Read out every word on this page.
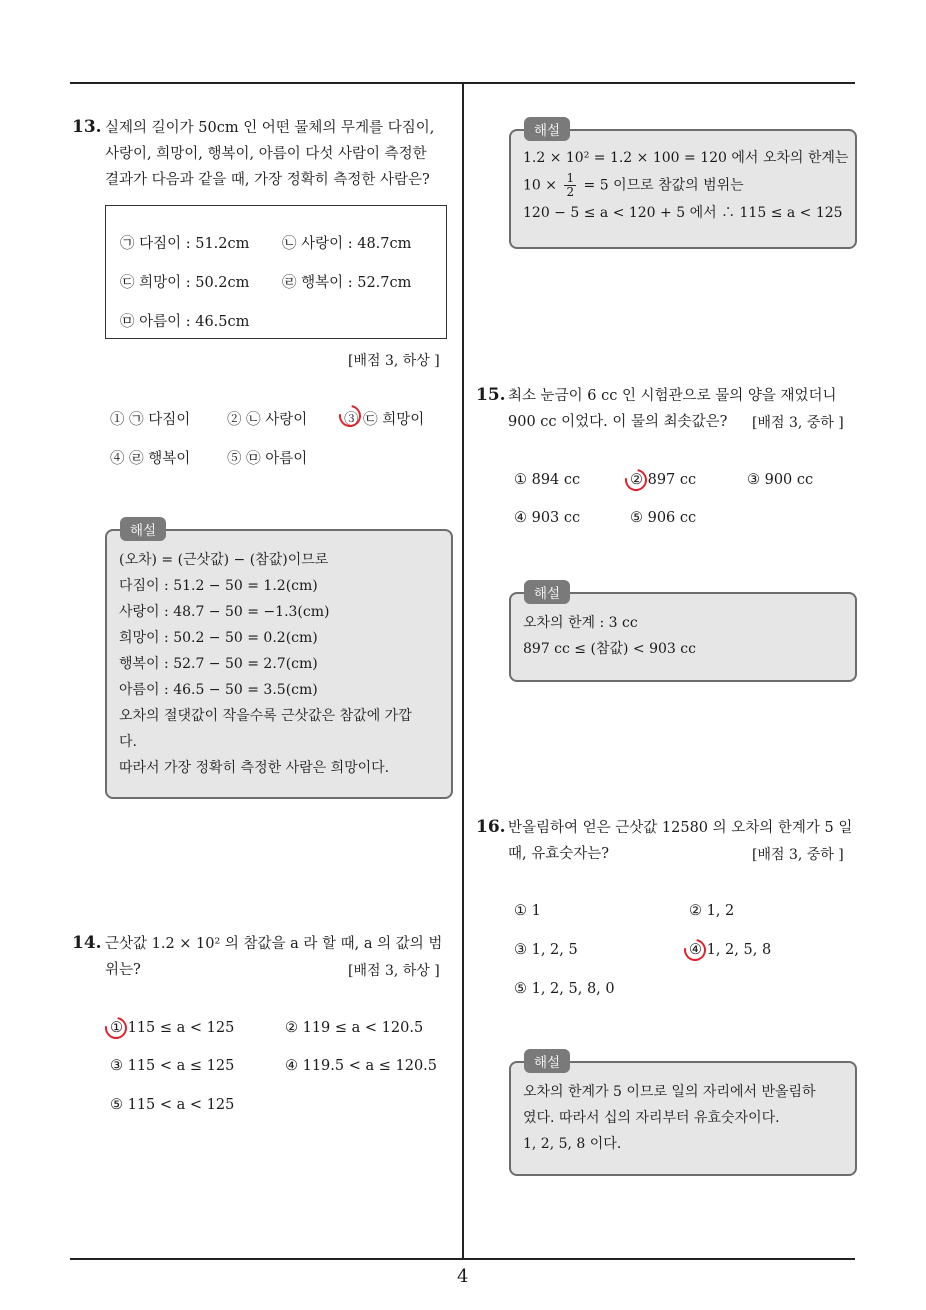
4
13. 실제의 길이가 50cm 인 어떤 물체의 무게를 다짐이,
사랑이, 희망이, 행복이, 아름이 다섯 사람이 측정한
결과가 다음과 같을 때, 가장 정확히 측정한 사람은?
㉠ 다짐이 : 51.2cm ㉡ 사랑이 : 48.7cm
㉢ 희망이 : 50.2cm ㉣ 행복이 : 52.7cm
㉤ 아름이 : 46.5cm
[배점 3, 하상 ]
① ㉠ 다짐이	② ㉡ 사랑이	③ ㉢ 희망이
④ ㉣ 행복이	⑤ ㉤ 아름이
(오차) = (근삿값) − (참값)이므로
다짐이 : 51.2 − 50 = 1.2(cm)
사랑이 : 48.7 − 50 = −1.3(cm)
희망이 : 50.2 − 50 = 0.2(cm)
행복이 : 52.7 − 50 = 2.7(cm)
아름이 : 46.5 − 50 = 3.5(cm)
오차의 절댓값이 작을수록 근삿값은 참값에 가깝
다.
따라서 가장 정확히 측정한 사람은 희망이다.
해설
14. 근삿값 1.2 × 10² 의 참값을 a 라 할 때, a 의 값의 범
위는?	[배점 3, 하상 ]
① 115 ≤ a < 125	② 119 ≤ a < 120.5
③ 115 < a ≤ 125	④ 119.5 < a ≤ 120.5
⑤ 115 < a < 125
1.2 × 10² = 1.2 × 100 = 120 에서 오차의 한계는
$10 \times \frac{1}{2} = 5$ 이므로 참값의 범위는
120 − 5 ≤ a < 120 + 5 에서 ∴ 115 ≤ a < 125
해설
15. 최소 눈금이 6 cc 인 시험관으로 물의 양을 재었더니
900 cc 이었다. 이 물의 최솟값은?	[배점 3, 중하 ]
① 894 cc	② 897 cc	③ 900 cc
④ 903 cc	⑤ 906 cc
오차의 한계 : 3 cc
897 cc ≤ (참값) < 903 cc
해설
16. 반올림하여 얻은 근삿값 12580 의 오차의 한계가 5 일
때, 유효숫자는?	[배점 3, 중하 ]
① 1	② 1, 2
③ 1, 2, 5	④ 1, 2, 5, 8
⑤ 1, 2, 5, 8, 0
오차의 한계가 5 이므로 일의 자리에서 반올림하
였다. 따라서 십의 자리부터 유효숫자이다.
1, 2, 5, 8 이다.
해설
